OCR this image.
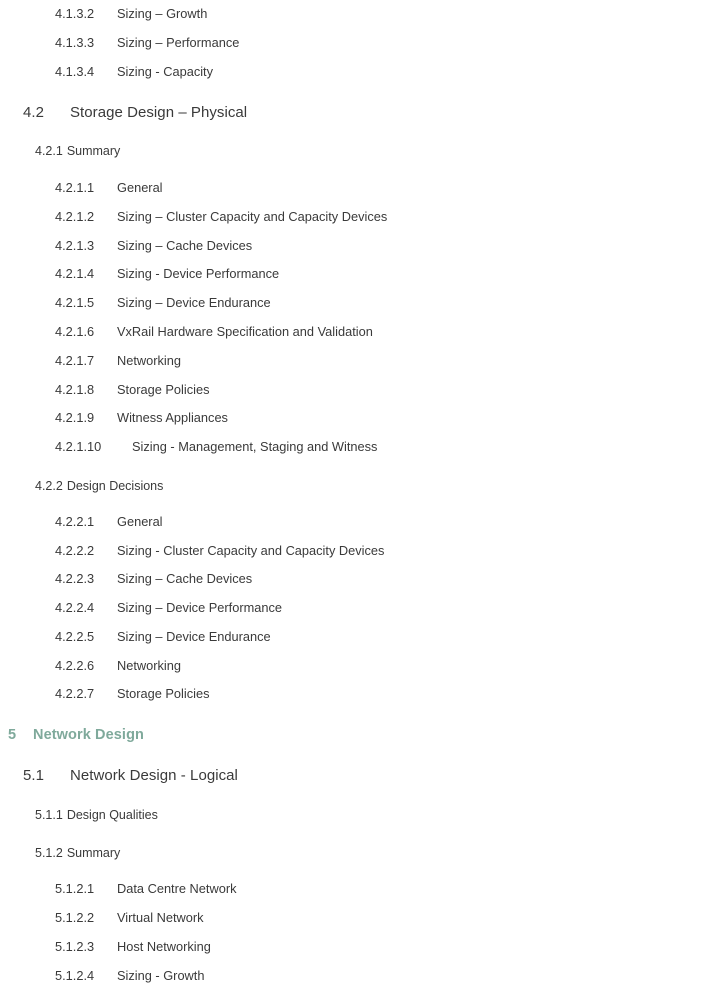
4.1.3.2 Sizing – Growth
4.1.3.3 Sizing – Performance
4.1.3.4 Sizing - Capacity
4.2 Storage Design – Physical
4.2.1 Summary
4.2.1.1 General
4.2.1.2 Sizing – Cluster Capacity and Capacity Devices
4.2.1.3 Sizing – Cache Devices
4.2.1.4 Sizing - Device Performance
4.2.1.5 Sizing – Device Endurance
4.2.1.6 VxRail Hardware Specification and Validation
4.2.1.7 Networking
4.2.1.8 Storage Policies
4.2.1.9 Witness Appliances
4.2.1.10 Sizing - Management, Staging and Witness
4.2.2 Design Decisions
4.2.2.1 General
4.2.2.2 Sizing - Cluster Capacity and Capacity Devices
4.2.2.3 Sizing – Cache Devices
4.2.2.4 Sizing – Device Performance
4.2.2.5 Sizing – Device Endurance
4.2.2.6 Networking
4.2.2.7 Storage Policies
5 Network Design
5.1 Network Design - Logical
5.1.1 Design Qualities
5.1.2 Summary
5.1.2.1 Data Centre Network
5.1.2.2 Virtual Network
5.1.2.3 Host Networking
5.1.2.4 Sizing - Growth
